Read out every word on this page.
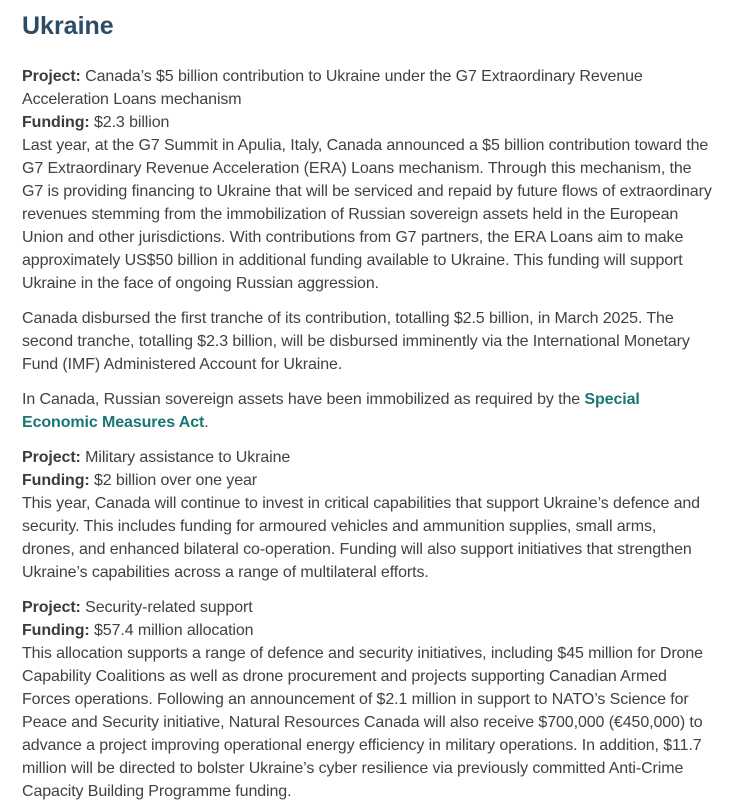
Ukraine

Project: Canada’s $5 billion contribution to Ukraine under the G7 Extraordinary Revenue Acceleration Loans mechanism
Funding: $2.3 billion
Last year, at the G7 Summit in Apulia, Italy, Canada announced a $5 billion contribution toward the G7 Extraordinary Revenue Acceleration (ERA) Loans mechanism. Through this mechanism, the G7 is providing financing to Ukraine that will be serviced and repaid by future flows of extraordinary revenues stemming from the immobilization of Russian sovereign assets held in the European Union and other jurisdictions. With contributions from G7 partners, the ERA Loans aim to make approximately US$50 billion in additional funding available to Ukraine. This funding will support Ukraine in the face of ongoing Russian aggression.

Canada disbursed the first tranche of its contribution, totalling $2.5 billion, in March 2025. The second tranche, totalling $2.3 billion, will be disbursed imminently via the International Monetary Fund (IMF) Administered Account for Ukraine.

In Canada, Russian sovereign assets have been immobilized as required by the Special Economic Measures Act.

Project: Military assistance to Ukraine
Funding: $2 billion over one year
This year, Canada will continue to invest in critical capabilities that support Ukraine’s defence and security. This includes funding for armoured vehicles and ammunition supplies, small arms, drones, and enhanced bilateral co-operation. Funding will also support initiatives that strengthen Ukraine’s capabilities across a range of multilateral efforts.

Project: Security-related support
Funding: $57.4 million allocation
This allocation supports a range of defence and security initiatives, including $45 million for Drone Capability Coalitions as well as drone procurement and projects supporting Canadian Armed Forces operations. Following an announcement of $2.1 million in support to NATO’s Science for Peace and Security initiative, Natural Resources Canada will also receive $700,000 (€450,000) to advance a project improving operational energy efficiency in military operations. In addition, $11.7 million will be directed to bolster Ukraine’s cyber resilience via previously committed Anti-Crime Capacity Building Programme funding.
